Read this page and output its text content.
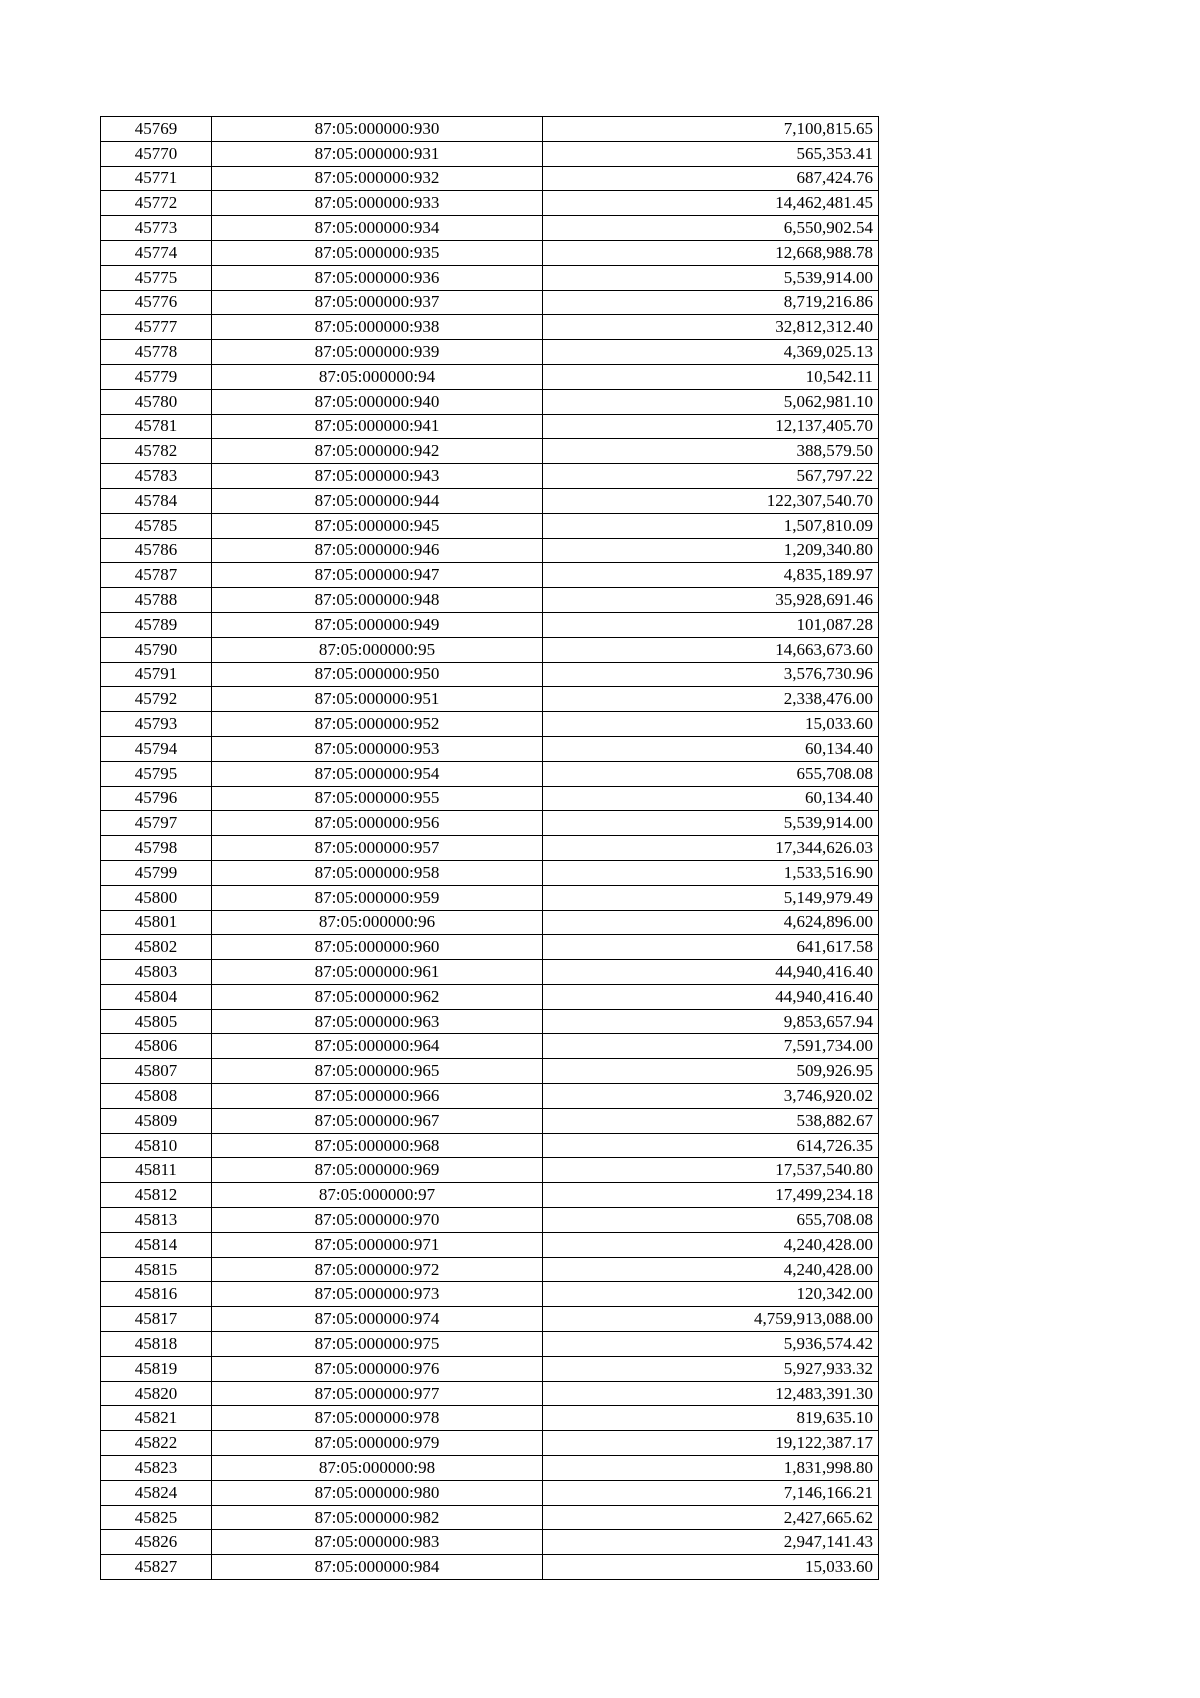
45769	87:05:000000:930	7,100,815.65
45770	87:05:000000:931	565,353.41
45771	87:05:000000:932	687,424.76
45772	87:05:000000:933	14,462,481.45
45773	87:05:000000:934	6,550,902.54
45774	87:05:000000:935	12,668,988.78
45775	87:05:000000:936	5,539,914.00
45776	87:05:000000:937	8,719,216.86
45777	87:05:000000:938	32,812,312.40
45778	87:05:000000:939	4,369,025.13
45779	87:05:000000:94	10,542.11
45780	87:05:000000:940	5,062,981.10
45781	87:05:000000:941	12,137,405.70
45782	87:05:000000:942	388,579.50
45783	87:05:000000:943	567,797.22
45784	87:05:000000:944	122,307,540.70
45785	87:05:000000:945	1,507,810.09
45786	87:05:000000:946	1,209,340.80
45787	87:05:000000:947	4,835,189.97
45788	87:05:000000:948	35,928,691.46
45789	87:05:000000:949	101,087.28
45790	87:05:000000:95	14,663,673.60
45791	87:05:000000:950	3,576,730.96
45792	87:05:000000:951	2,338,476.00
45793	87:05:000000:952	15,033.60
45794	87:05:000000:953	60,134.40
45795	87:05:000000:954	655,708.08
45796	87:05:000000:955	60,134.40
45797	87:05:000000:956	5,539,914.00
45798	87:05:000000:957	17,344,626.03
45799	87:05:000000:958	1,533,516.90
45800	87:05:000000:959	5,149,979.49
45801	87:05:000000:96	4,624,896.00
45802	87:05:000000:960	641,617.58
45803	87:05:000000:961	44,940,416.40
45804	87:05:000000:962	44,940,416.40
45805	87:05:000000:963	9,853,657.94
45806	87:05:000000:964	7,591,734.00
45807	87:05:000000:965	509,926.95
45808	87:05:000000:966	3,746,920.02
45809	87:05:000000:967	538,882.67
45810	87:05:000000:968	614,726.35
45811	87:05:000000:969	17,537,540.80
45812	87:05:000000:97	17,499,234.18
45813	87:05:000000:970	655,708.08
45814	87:05:000000:971	4,240,428.00
45815	87:05:000000:972	4,240,428.00
45816	87:05:000000:973	120,342.00
45817	87:05:000000:974	4,759,913,088.00
45818	87:05:000000:975	5,936,574.42
45819	87:05:000000:976	5,927,933.32
45820	87:05:000000:977	12,483,391.30
45821	87:05:000000:978	819,635.10
45822	87:05:000000:979	19,122,387.17
45823	87:05:000000:98	1,831,998.80
45824	87:05:000000:980	7,146,166.21
45825	87:05:000000:982	2,427,665.62
45826	87:05:000000:983	2,947,141.43
45827	87:05:000000:984	15,033.60
